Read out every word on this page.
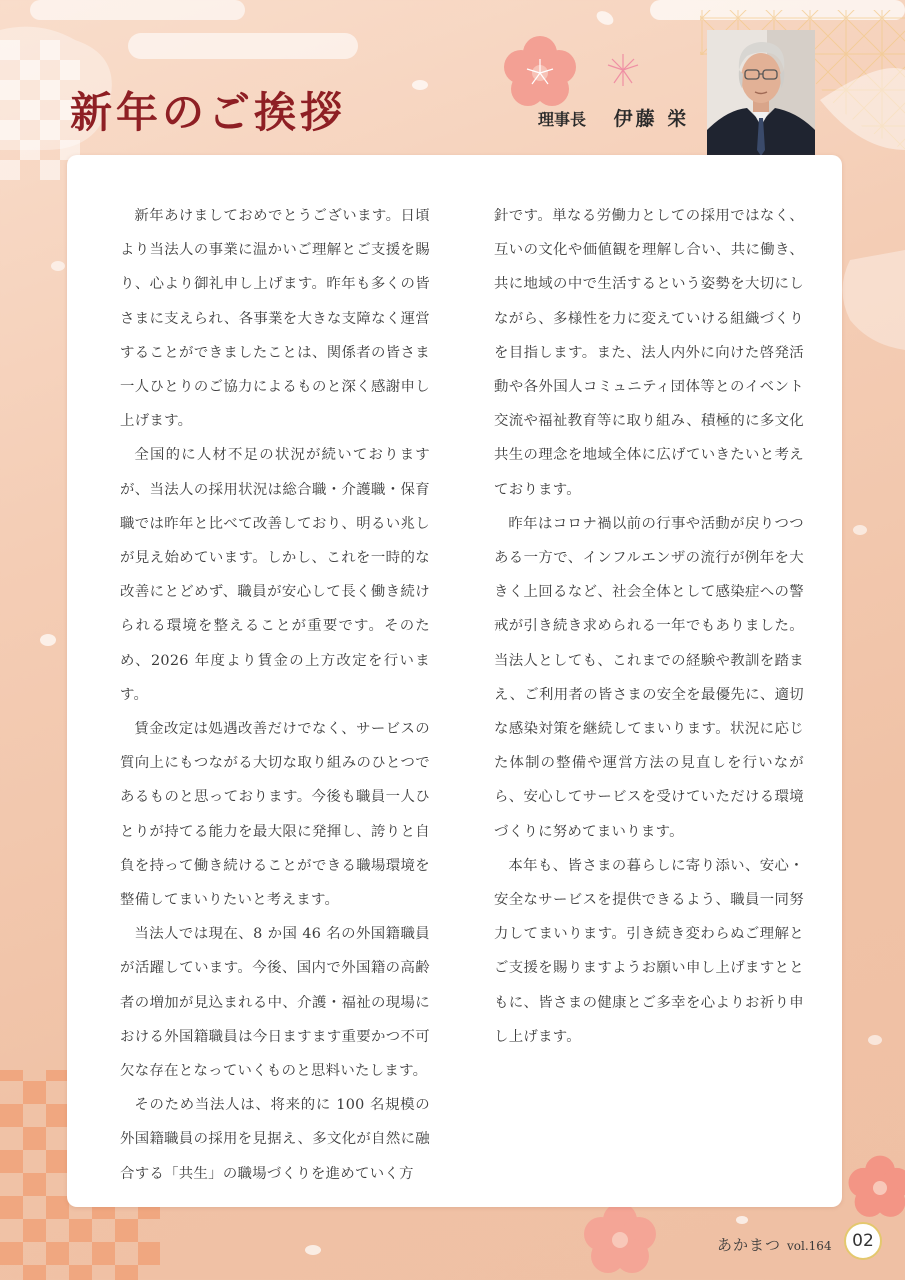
新年のご挨拶	理事長 伊藤 栄

新年あけましておめでとうございます。日頃より当法人の事業に温かいご理解とご支援を賜り、心より御礼申し上げます。昨年も多くの皆さまに支えられ、各事業を大きな支障なく運営することができましたことは、関係者の皆さま一人ひとりのご協力によるものと深く感謝申し上げます。

全国的に人材不足の状況が続いておりますが、当法人の採用状況は総合職・介護職・保育職では昨年と比べて改善しており、明るい兆しが見え始めています。しかし、これを一時的な改善にとどめず、職員が安心して長く働き続けられる環境を整えることが重要です。そのため、2026 年度より賃金の上方改定を行います。

賃金改定は処遇改善だけでなく、サービスの質向上にもつながる大切な取り組みのひとつであるものと思っております。今後も職員一人ひとりが持てる能力を最大限に発揮し、誇りと自負を持って働き続けることができる職場環境を整備してまいりたいと考えます。

当法人では現在、8 か国 46 名の外国籍職員が活躍しています。今後、国内で外国籍の高齢者の増加が見込まれる中、介護・福祉の現場における外国籍職員は今日ますます重要かつ不可欠な存在となっていくものと思料いたします。

そのため当法人は、将来的に 100 名規模の外国籍職員の採用を見据え、多文化が自然に融合する「共生」の職場づくりを進めていく方

針です。単なる労働力としての採用ではなく、互いの文化や価値観を理解し合い、共に働き、共に地域の中で生活するという姿勢を大切にしながら、多様性を力に変えていける組織づくりを目指します。また、法人内外に向けた啓発活動や各外国人コミュニティ団体等とのイベント交流や福祉教育等に取り組み、積極的に多文化共生の理念を地域全体に広げていきたいと考えております。

昨年はコロナ禍以前の行事や活動が戻りつつある一方で、インフルエンザの流行が例年を大きく上回るなど、社会全体として感染症への警戒が引き続き求められる一年でもありました。当法人としても、これまでの経験や教訓を踏まえ、ご利用者の皆さまの安全を最優先に、適切な感染対策を継続してまいります。状況に応じた体制の整備や運営方法の見直しを行いながら、安心してサービスを受けていただける環境づくりに努めてまいります。

本年も、皆さまの暮らしに寄り添い、安心・安全なサービスを提供できるよう、職員一同努力してまいります。引き続き変わらぬご理解とご支援を賜りますようお願い申し上げますとともに、皆さまの健康とご多幸を心よりお祈り申し上げます。

あかまつ vol.164	02
